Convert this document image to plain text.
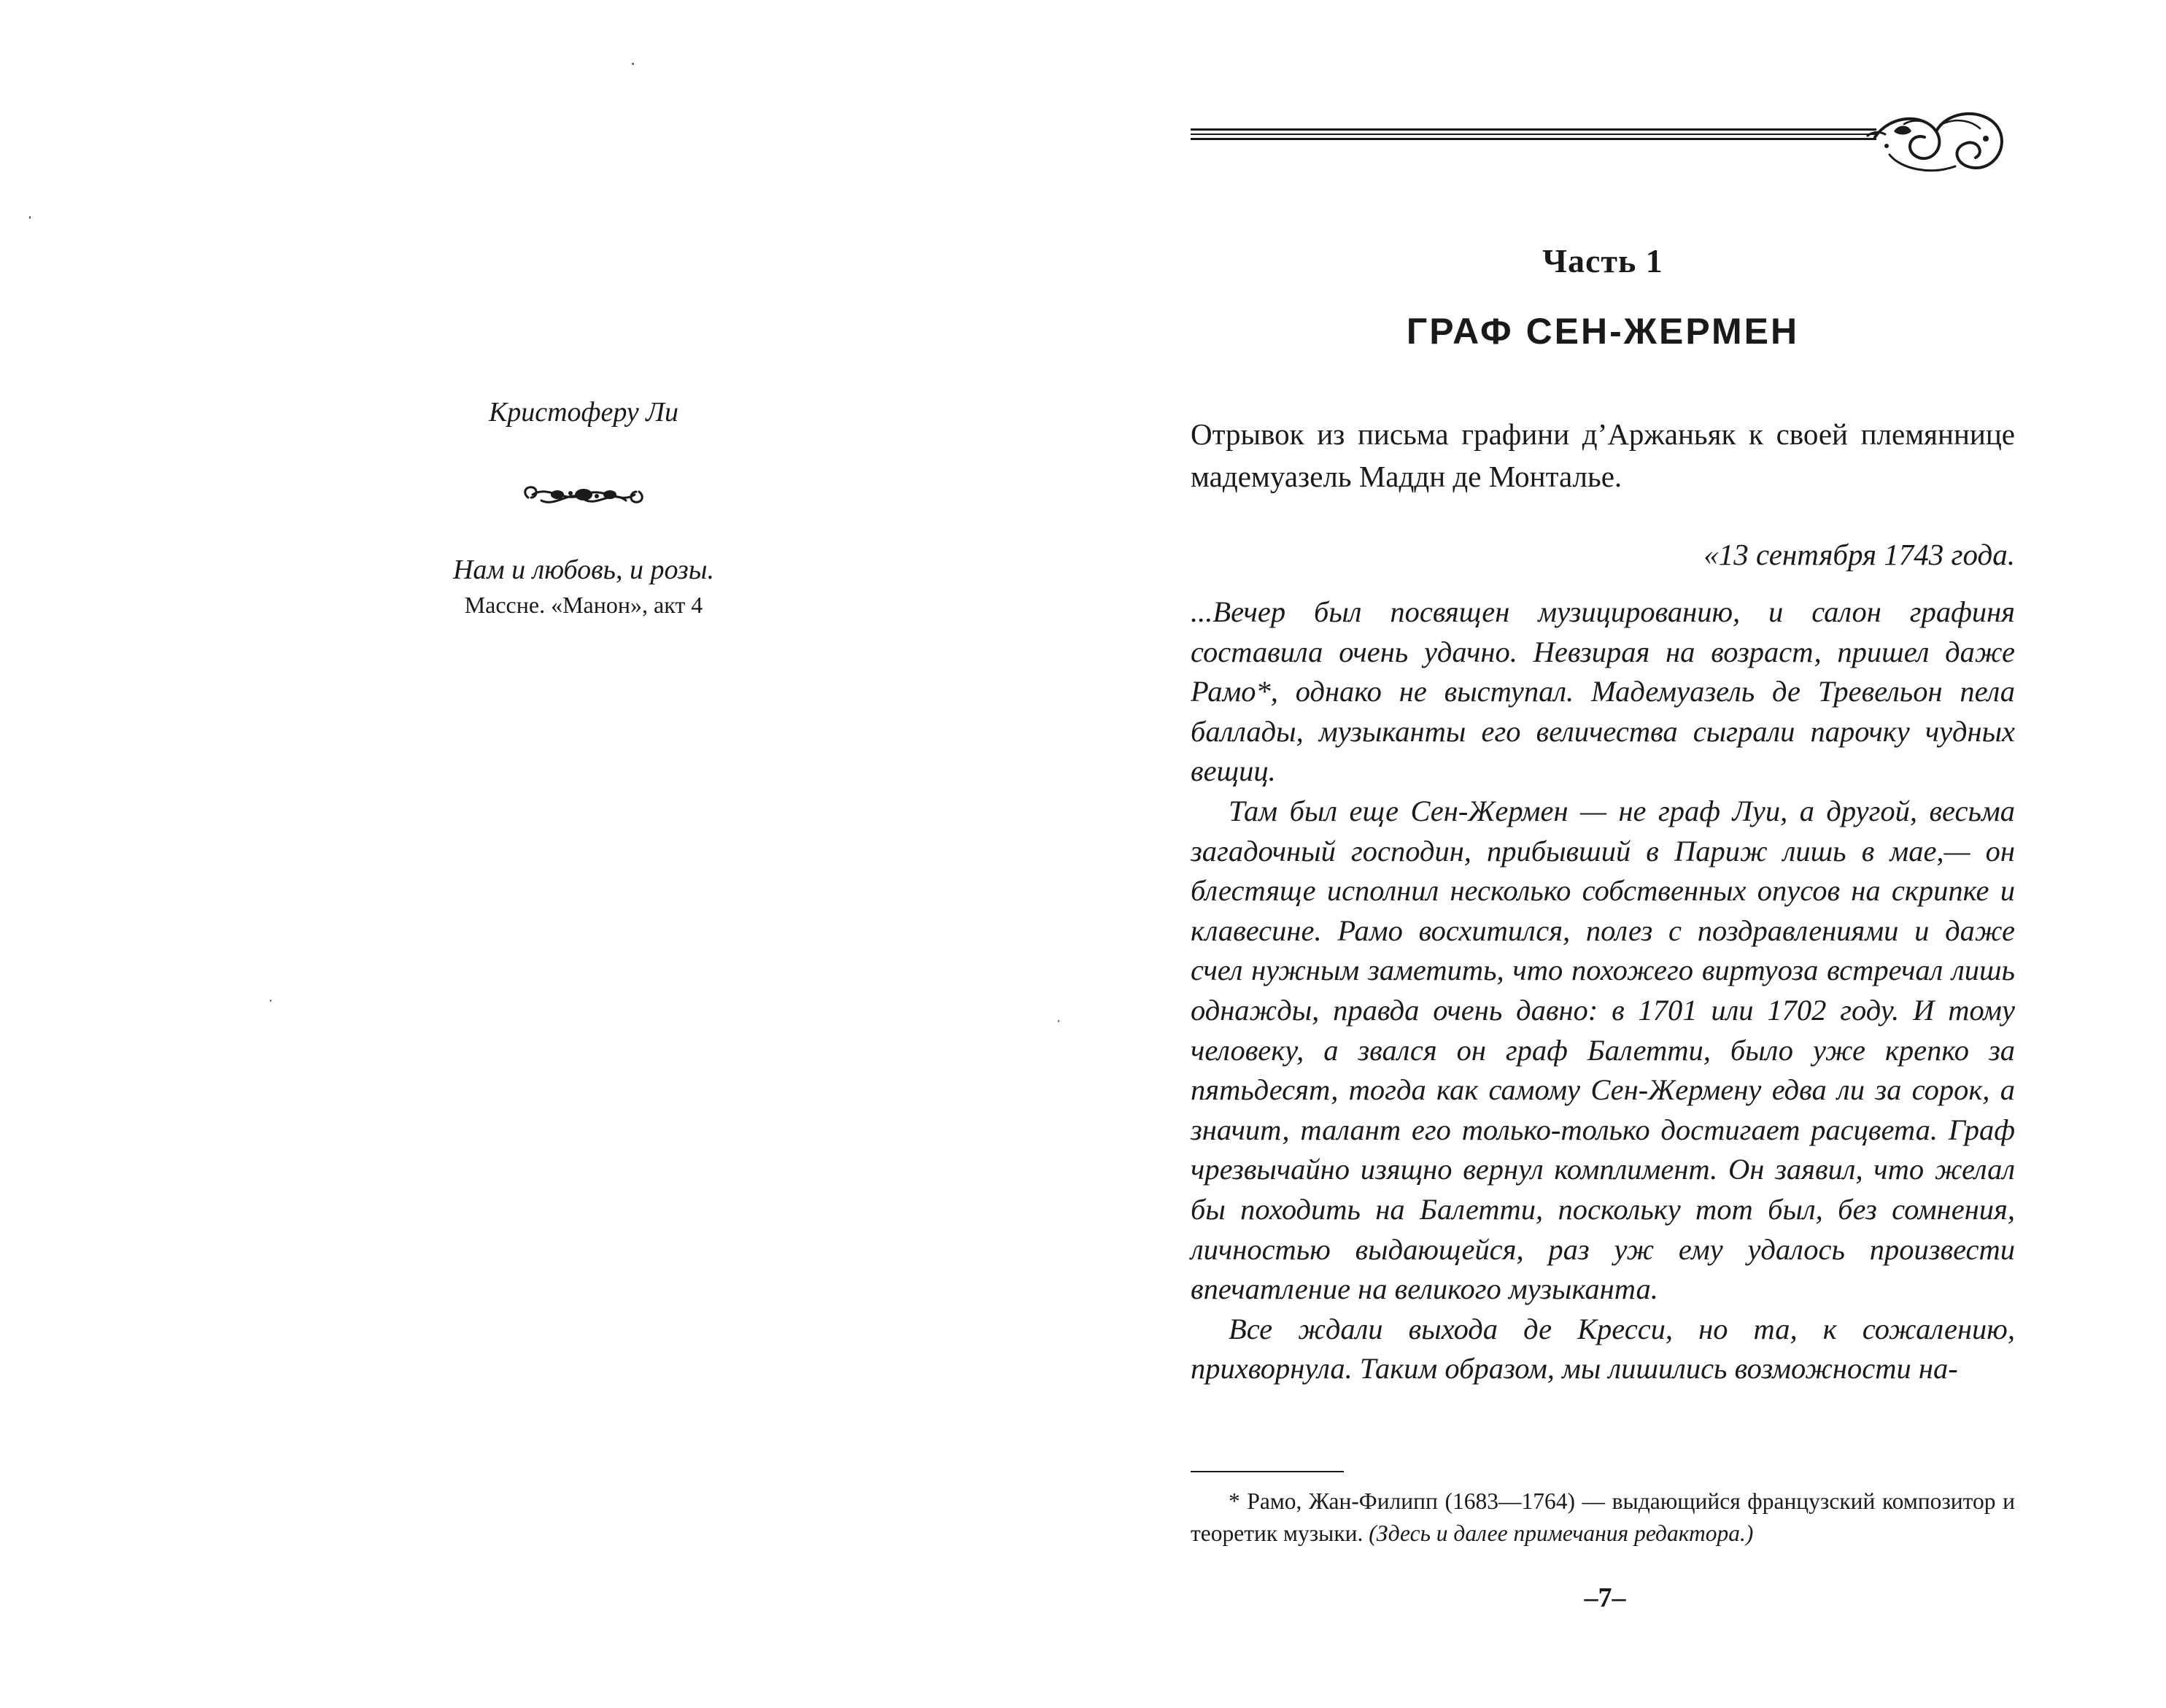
Кристоферу Ли
Нам и любовь, и розы.
Массне. «Манон», акт 4
Часть 1
ГРАФ СЕН-ЖЕРМЕН
Отрывок из письма графини д’Аржаньяк к своей племяннице мадемуазель Маддн де Монталье.
«13 сентября 1743 года.

...Вечер был посвящен музицированию, и салон графиня составила очень удачно. Невзирая на возраст, пришел даже Рамо*, однако не выступал. Мадемуазель де Тревельон пела баллады, музыканты его величества сыграли парочку чудных вещиц.

Там был еще Сен-Жермен — не граф Луи, а другой, весьма загадочный господин, прибывший в Париж лишь в мае,— он блестяще исполнил несколько собственных опусов на скрипке и клавесине. Рамо восхитился, полез с поздравлениями и даже счел нужным заметить, что похожего виртуоза встречал лишь однажды, правда очень давно: в 1701 или 1702 году. И тому человеку, а звался он граф Балетти, было уже крепко за пятьдесят, тогда как самому Сен-Жермену едва ли за сорок, а значит, талант его только-только достигает расцвета. Граф чрезвычайно изящно вернул комплимент. Он заявил, что желал бы походить на Балетти, поскольку тот был, без сомнения, личностью выдающейся, раз уж ему удалось произвести впечатление на великого музыканта.

Все ждали выхода де Кресси, но та, к сожалению, прихворнула. Таким образом, мы лишились возможности на-

* Рамо, Жан-Филипп (1683—1764) — выдающийся французский композитор и теоретик музыки. (Здесь и далее примечания редактора.)
–7–
